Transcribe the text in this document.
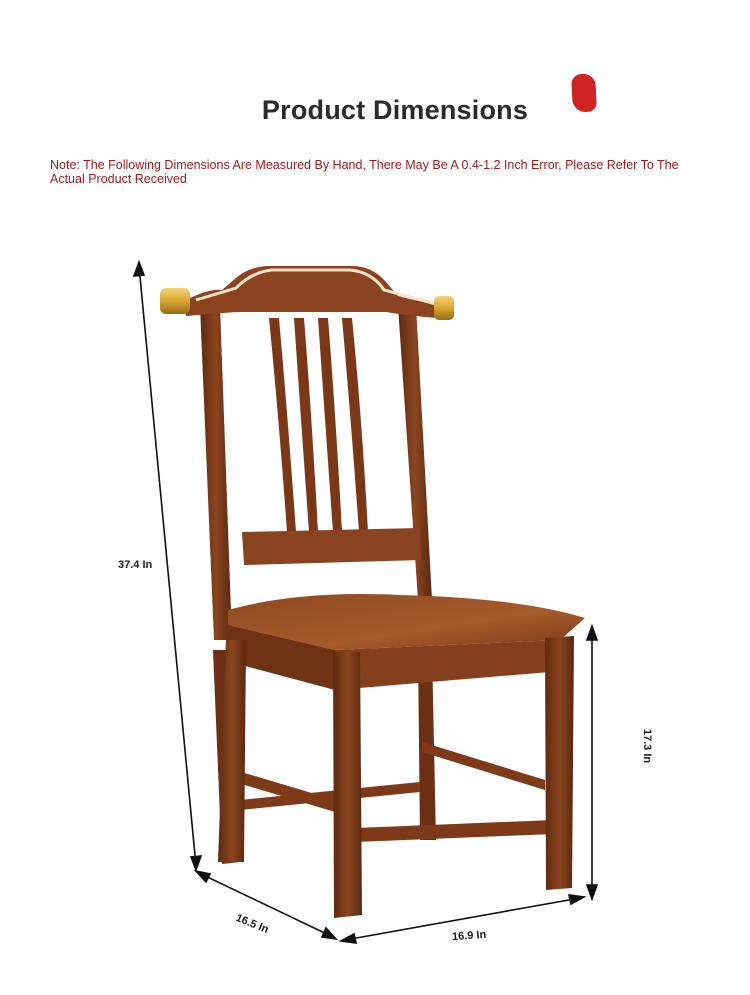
Product Dimensions
Note: The Following Dimensions Are Measured By Hand, There May Be A 0.4-1.2 Inch Error, Please Refer To The Actual Product Received
37.4 In
17.3 In
16.5 In
16.9 In
